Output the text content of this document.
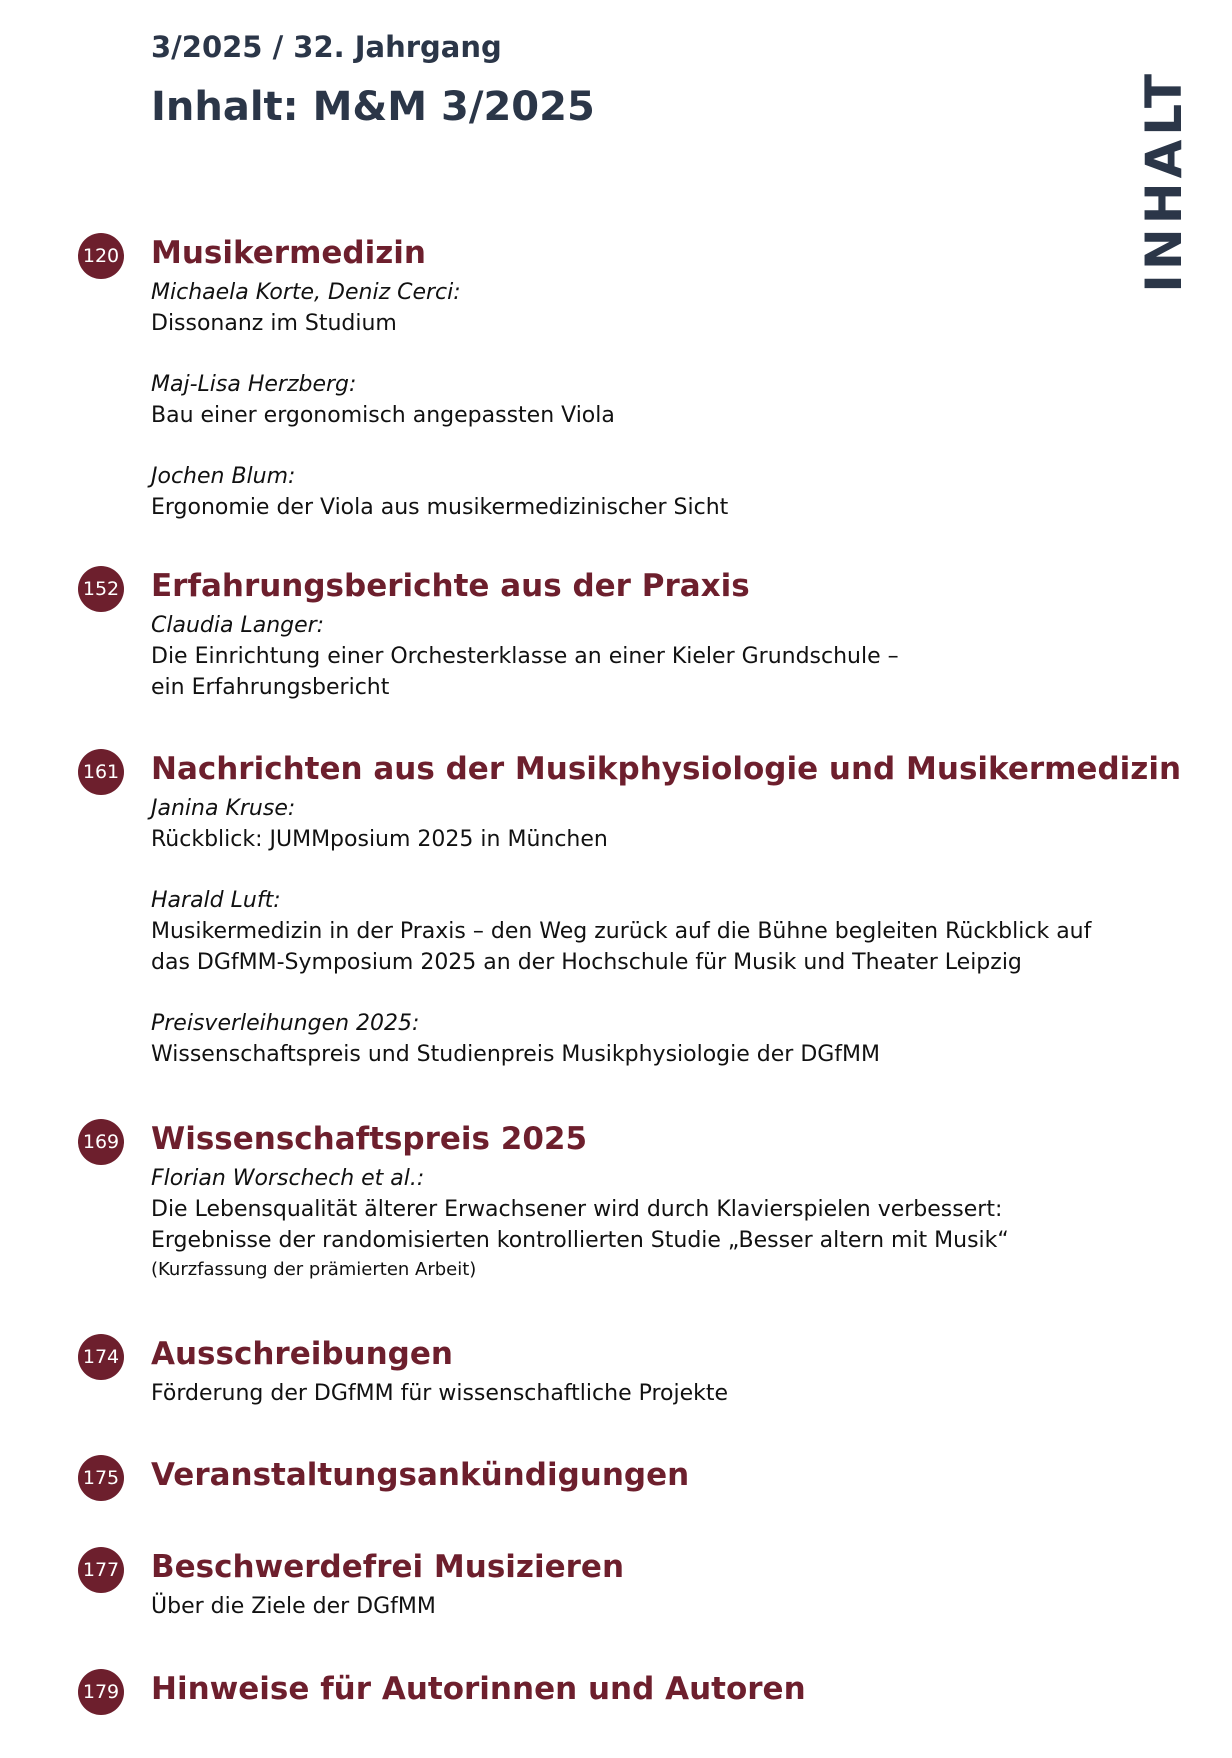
3/2025 / 32. Jahrgang
Inhalt: M&M 3/2025	INHALT
120 Musikermedizin
Michaela Korte, Deniz Cerci:
Dissonanz im Studium
Maj-Lisa Herzberg:
Bau einer ergonomisch angepassten Viola
Jochen Blum:
Ergonomie der Viola aus musikermedizinischer Sicht
152 Erfahrungsberichte aus der Praxis
Claudia Langer:
Die Einrichtung einer Orchesterklasse an einer Kieler Grundschule –
ein Erfahrungsbericht
161 Nachrichten aus der Musikphysiologie und Musikermedizin
Janina Kruse:
Rückblick: JUMMposium 2025 in München
Harald Luft:
Musikermedizin in der Praxis – den Weg zurück auf die Bühne begleiten Rückblick auf
das DGfMM-Symposium 2025 an der Hochschule für Musik und Theater Leipzig
Preisverleihungen 2025:
Wissenschaftspreis und Studienpreis Musikphysiologie der DGfMM
169 Wissenschaftspreis 2025
Florian Worschech et al.:
Die Lebensqualität älterer Erwachsener wird durch Klavierspielen verbessert:
Ergebnisse der randomisierten kontrollierten Studie „Besser altern mit Musik“
(Kurzfassung der prämierten Arbeit)
174 Ausschreibungen
Förderung der DGfMM für wissenschaftliche Projekte
175 Veranstaltungsankündigungen
177 Beschwerdefrei Musizieren
Über die Ziele der DGfMM
179 Hinweise für Autorinnen und Autoren
